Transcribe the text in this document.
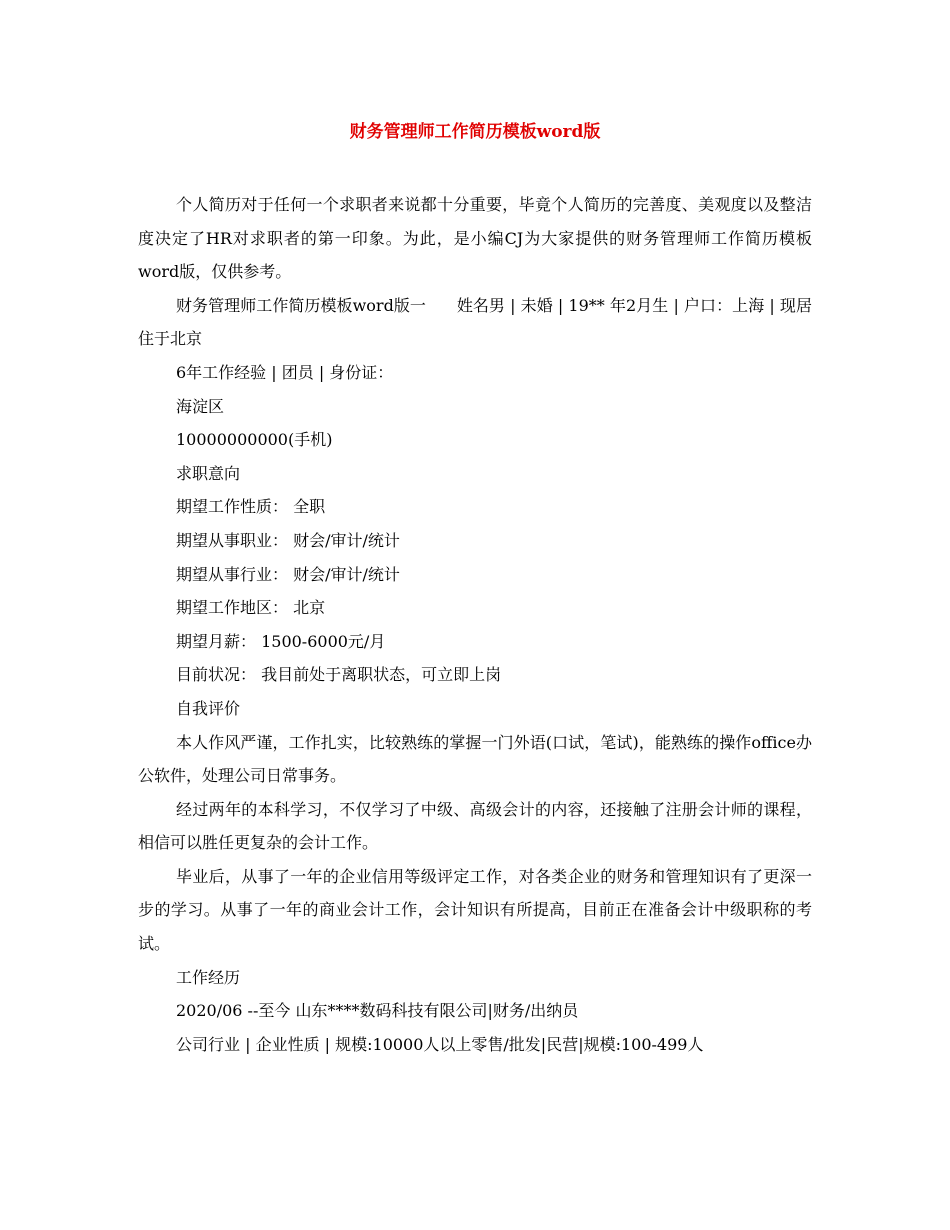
财务管理师工作简历模板word版

个人简历对于任何一个求职者来说都十分重要，毕竟个人简历的完善度、美观度以及整洁度决定了HR对求职者的第一印象。为此，是小编CJ为大家提供的财务管理师工作简历模板word版，仅供参考。

财务管理师工作简历模板word版一      姓名男 | 未婚 | 19** 年2月生 | 户口：上海 | 现居住于北京

6年工作经验 | 团员 | 身份证：

海淀区

10000000000(手机)

求职意向

期望工作性质： 全职

期望从事职业： 财会/审计/统计

期望从事行业： 财会/审计/统计

期望工作地区： 北京

期望月薪： 1500-6000元/月

目前状况： 我目前处于离职状态，可立即上岗

自我评价

本人作风严谨，工作扎实，比较熟练的掌握一门外语(口试，笔试)，能熟练的操作office办公软件，处理公司日常事务。

经过两年的本科学习，不仅学习了中级、高级会计的内容，还接触了注册会计师的课程，相信可以胜任更复杂的会计工作。

毕业后，从事了一年的企业信用等级评定工作，对各类企业的财务和管理知识有了更深一步的学习。从事了一年的商业会计工作，会计知识有所提高，目前正在准备会计中级职称的考试。

工作经历

2020/06 --至今 山东****数码科技有限公司|财务/出纳员

公司行业 | 企业性质 | 规模:10000人以上零售/批发|民营|规模:100-499人
